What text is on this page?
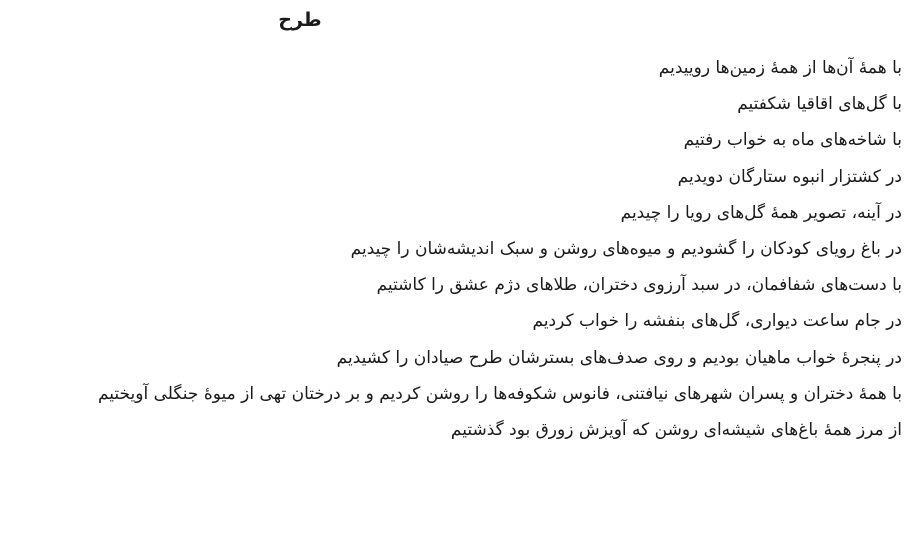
طرح
با همهٔ آن‌ها از همهٔ زمین‌ها روییدیم
با گل‌های اقاقیا شکفتیم
با شاخه‌های ماه به خواب رفتیم
در کشتزار انبوه ستارگان دویدیم
در آینه، تصویر همهٔ گل‌های رویا را چیدیم
در باغ رویای کودکان را گشودیم و میوه‌های روشن و سبک اندیشه‌شان را چیدیم
با دست‌های شفافمان، در سبد آرزوی دختران، طلاهای دژم عشق را کاشتیم
در جام ساعت دیواری، گل‌های بنفشه را خواب کردیم
در پنجرهٔ خواب ماهیان بودیم و روی صدف‌های بسترشان طرح صیادان را کشیدیم
با همهٔ دختران و پسران شهرهای نیافتنی، فانوس شکوفه‌ها را روشن کردیم و بر درختان تهی از میوهٔ جنگلی آویختیم
از مرز همهٔ باغ‌های شیشه‌ای روشن که آویزش زورق بود گذشتیم
